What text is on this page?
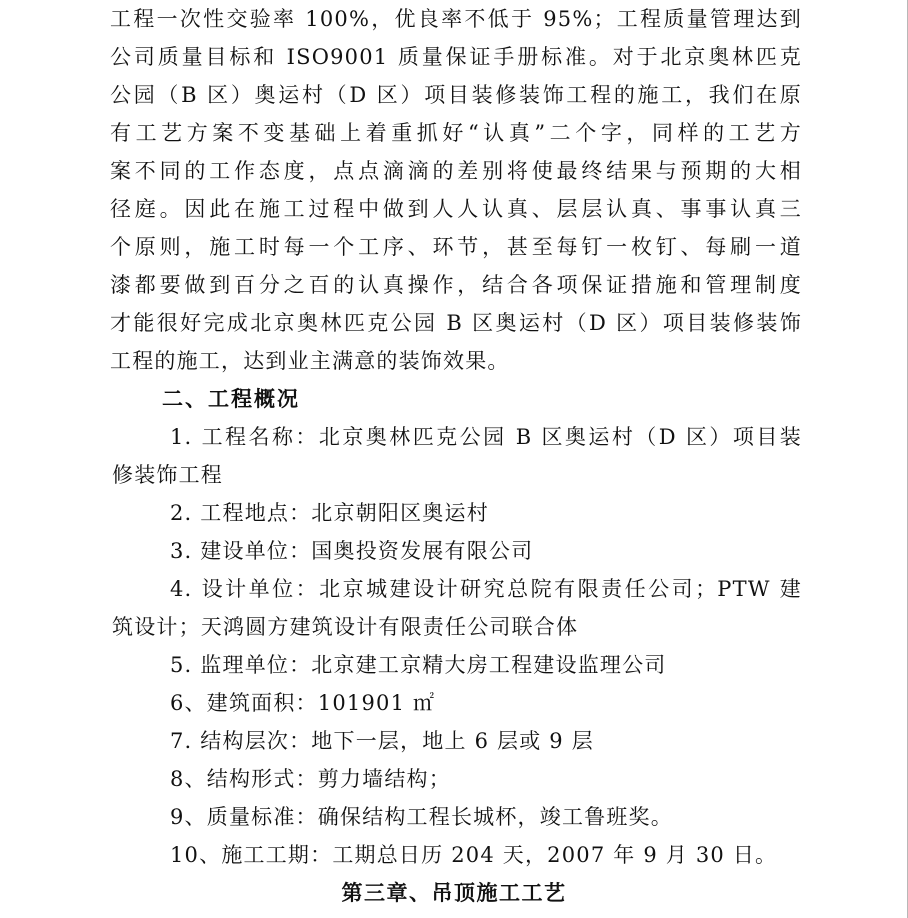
工程一次性交验率 100%，优良率不低于 95%；工程质量管理达到
公司质量目标和 ISO9001 质量保证手册标准。对于北京奥林匹克
公园（B 区）奥运村（D 区）项目装修装饰工程的施工，我们在原
有工艺方案不变基础上着重抓好“认真”二个字，同样的工艺方
案不同的工作态度，点点滴滴的差别将使最终结果与预期的大相
径庭。因此在施工过程中做到人人认真、层层认真、事事认真三
个原则，施工时每一个工序、环节，甚至每钉一枚钉、每刷一道
漆都要做到百分之百的认真操作，结合各项保证措施和管理制度
才能很好完成北京奥林匹克公园 B 区奥运村（D 区）项目装修装饰
工程的施工，达到业主满意的装饰效果。
二、工程概况
1. 工程名称：北京奥林匹克公园 B 区奥运村（D 区）项目装
修装饰工程
2. 工程地点：北京朝阳区奥运村
3. 建设单位：国奥投资发展有限公司
4. 设计单位：北京城建设计研究总院有限责任公司；PTW 建
筑设计；天鸿圆方建筑设计有限责任公司联合体
5. 监理单位：北京建工京精大房工程建设监理公司
6、建筑面积：101901 ㎡
7. 结构层次：地下一层，地上 6 层或 9 层
8、结构形式：剪力墙结构；
9、质量标准：确保结构工程长城杯，竣工鲁班奖。
10、施工工期：工期总日历 204 天，2007 年 9 月 30 日。
第三章、吊顶施工工艺
